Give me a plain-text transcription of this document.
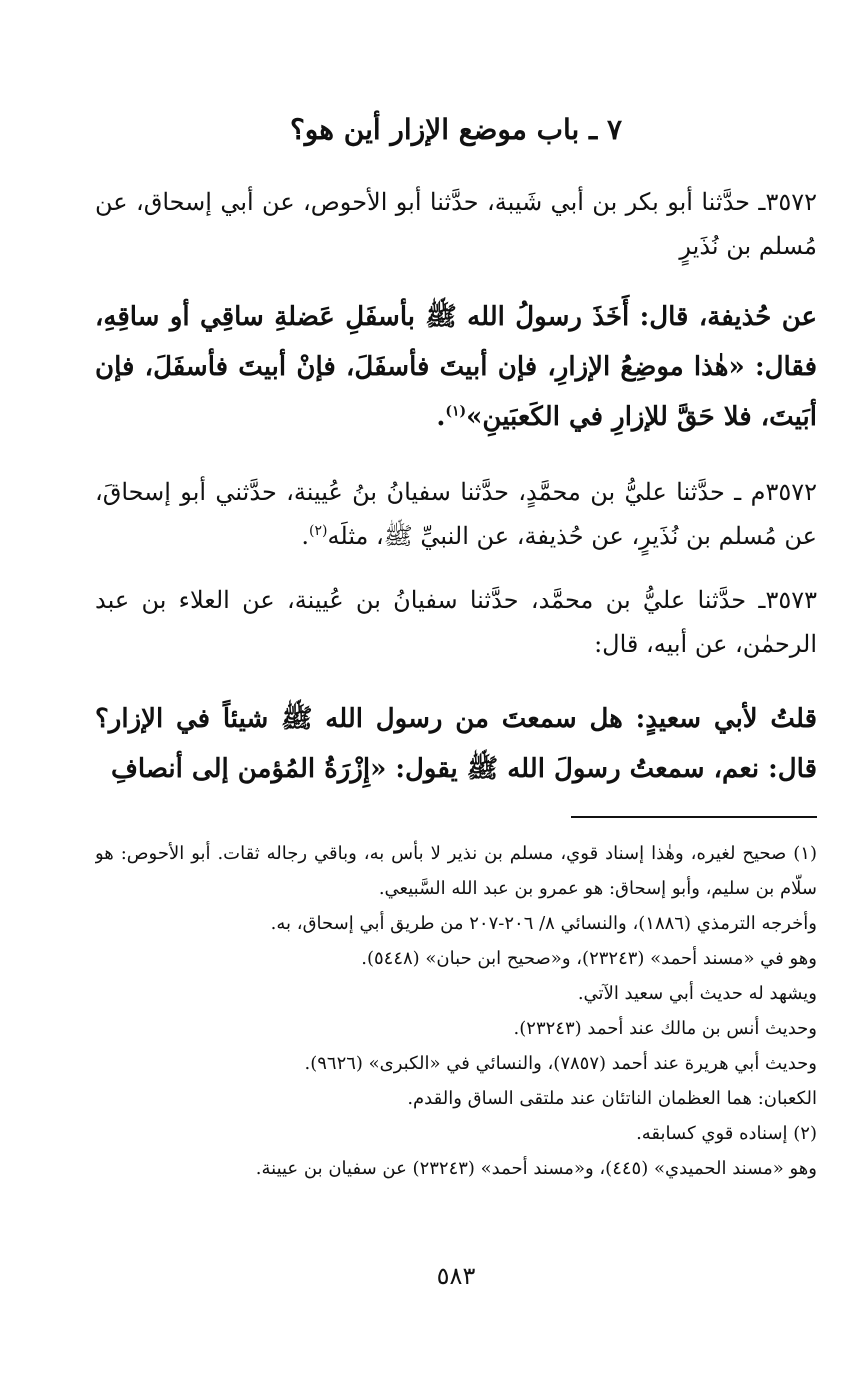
٧ ـ باب موضع الإزار أين هو؟

٣٥٧٢ـ حدَّثنا أبو بكر بن أبي شَيبة، حدَّثنا أبو الأحوص، عن أبي إسحاق، عن مُسلم بن نُذَيرٍ

عن حُذيفة، قال: أَخَذَ رسولُ الله ﷺ بأسفَلِ عَضلةِ ساقِي أو ساقِهِ، فقال: «هٰذا موضِعُ الإزارِ، فإن أبيتَ فأسفَلَ، فإنْ أبيتَ فأسفَلَ، فإن أبَيتَ، فلا حَقَّ للإزارِ في الكَعبَينِ»$^{(١)}$.

٣٥٧٢م ـ حدَّثنا عليُّ بن محمَّدٍ، حدَّثنا سفيانُ بنُ عُيينة، حدَّثني أبو إسحاقَ، عن مُسلم بن نُذَيرٍ، عن حُذيفة، عن النبيِّ ﷺ، مثلَه$^{(٢)}$.

٣٥٧٣ـ حدَّثنا عليُّ بن محمَّد، حدَّثنا سفيانُ بن عُيينة، عن العلاء بن عبد الرحمٰن، عن أبيه، قال:

قلتُ لأبي سعيدٍ: هل سمعتَ من رسول الله ﷺ شيئاً في الإزار؟ قال: نعم، سمعتُ رسولَ الله ﷺ يقول: «إِزْرَةُ المُؤمن إلى أنصافِ

(١) صحيح لغيره، وهٰذا إسناد قوي، مسلم بن نذير لا بأس به، وباقي رجاله ثقات. أبو الأحوص: هو سلّام بن سليم، وأبو إسحاق: هو عمرو بن عبد الله السَّبيعي.
وأخرجه الترمذي (١٨٨٦)، والنسائي ٨/ ٢٠٦-٢٠٧ من طريق أبي إسحاق، به.
وهو في «مسند أحمد» (٢٣٢٤٣)، و«صحيح ابن حبان» (٥٤٤٨).
ويشهد له حديث أبي سعيد الآتي.
وحديث أنس بن مالك عند أحمد (٢٣٢٤٣).
وحديث أبي هريرة عند أحمد (٧٨٥٧)، والنسائي في «الكبرى» (٩٦٢٦).
الكعبان: هما العظمان الناتئان عند ملتقى الساق والقدم.
(٢) إسناده قوي كسابقه.
وهو «مسند الحميدي» (٤٤٥)، و«مسند أحمد» (٢٣٢٤٣) عن سفيان بن عيينة.
٥٨٣
